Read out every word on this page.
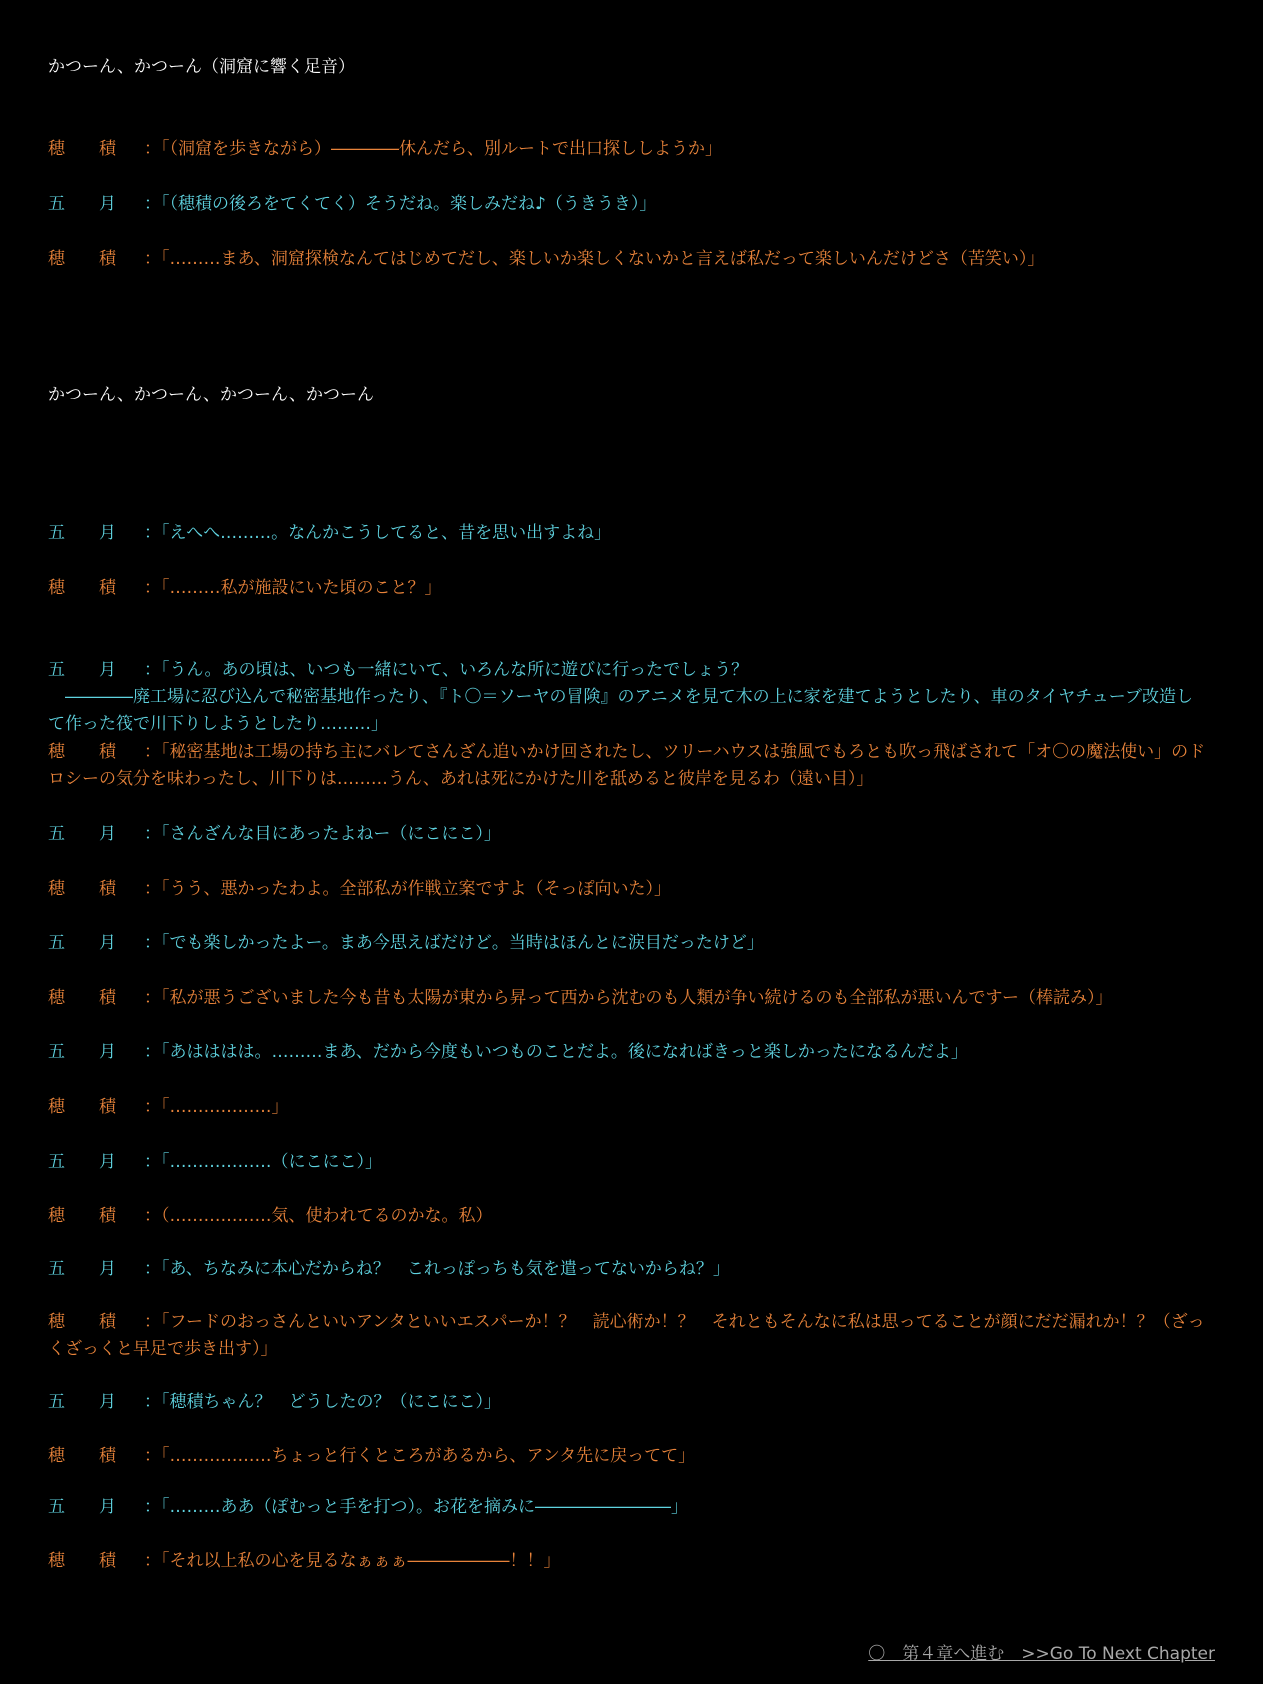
かつーん、かつーん（洞窟に響く足音）
穂　　積 ：「（洞窟を歩きながら）――――休んだら、別ルートで出口探ししようか」
五　　月 ：「（穂積の後ろをてくてく）そうだね。楽しみだね♪（うきうき）」
穂　　積 ：「………まあ、洞窟探検なんてはじめてだし、楽しいか楽しくないかと言えば私だって楽しいんだけどさ（苦笑い）」
かつーん、かつーん、かつーん、かつーん
五　　月 ：「えへへ………。なんかこうしてると、昔を思い出すよね」
穂　　積 ：「………私が施設にいた頃のこと？」

五　　月 ：「うん。あの頃は、いつも一緒にいて、いろんな所に遊びに行ったでしょう？
　――――廃工場に忍び込んで秘密基地作ったり、『ト〇＝ソーヤの冒険』のアニメを見て木の上に家を建てようとしたり、車のタイヤチューブ改造して作った筏で川下りしようとしたり………」

穂　　積 ：「秘密基地は工場の持ち主にバレてさんざん追いかけ回されたし、ツリーハウスは強風でもろとも吹っ飛ばされて「オ〇の魔法使い」のドロシーの気分を味わったし、川下りは………うん、あれは死にかけた川を舐めると彼岸を見るわ（遠い目）」
五　　月 ：「さんざんな目にあったよねー（にこにこ）」
穂　　積 ：「うう、悪かったわよ。全部私が作戦立案ですよ（そっぽ向いた）」
五　　月 ：「でも楽しかったよー。まあ今思えばだけど。当時はほんとに涙目だったけど」
穂　　積 ：「私が悪うございました今も昔も太陽が東から昇って西から沈むのも人類が争い続けるのも全部私が悪いんですー（棒読み）」
五　　月 ：「あはははは。………まあ、だから今度もいつものことだよ。後になればきっと楽しかったになるんだよ」
穂　　積 ：「………………」
五　　月 ：「………………（にこにこ）」
穂　　積 ：（………………気、使われてるのかな。私）
五　　月 ：「あ、ちなみに本心だからね？　これっぽっちも気を遣ってないからね？」
穂　　積 ：「フードのおっさんといいアンタといいエスパーか！？　読心術か！？　それともそんなに私は思ってることが顔にだだ漏れか！？（ざっくざっくと早足で歩き出す）」
五　　月 ：「穂積ちゃん？　どうしたの？（にこにこ）」
穂　　積 ：「………………ちょっと行くところがあるから、アンタ先に戻ってて」
五　　月 ：「………ああ（ぽむっと手を打つ）。お花を摘みに――――――――」
穂　　積 ：「それ以上私の心を見るなぁぁぁ――――――！！」
〇　第４章へ進む　>>Go To Next Chapter
